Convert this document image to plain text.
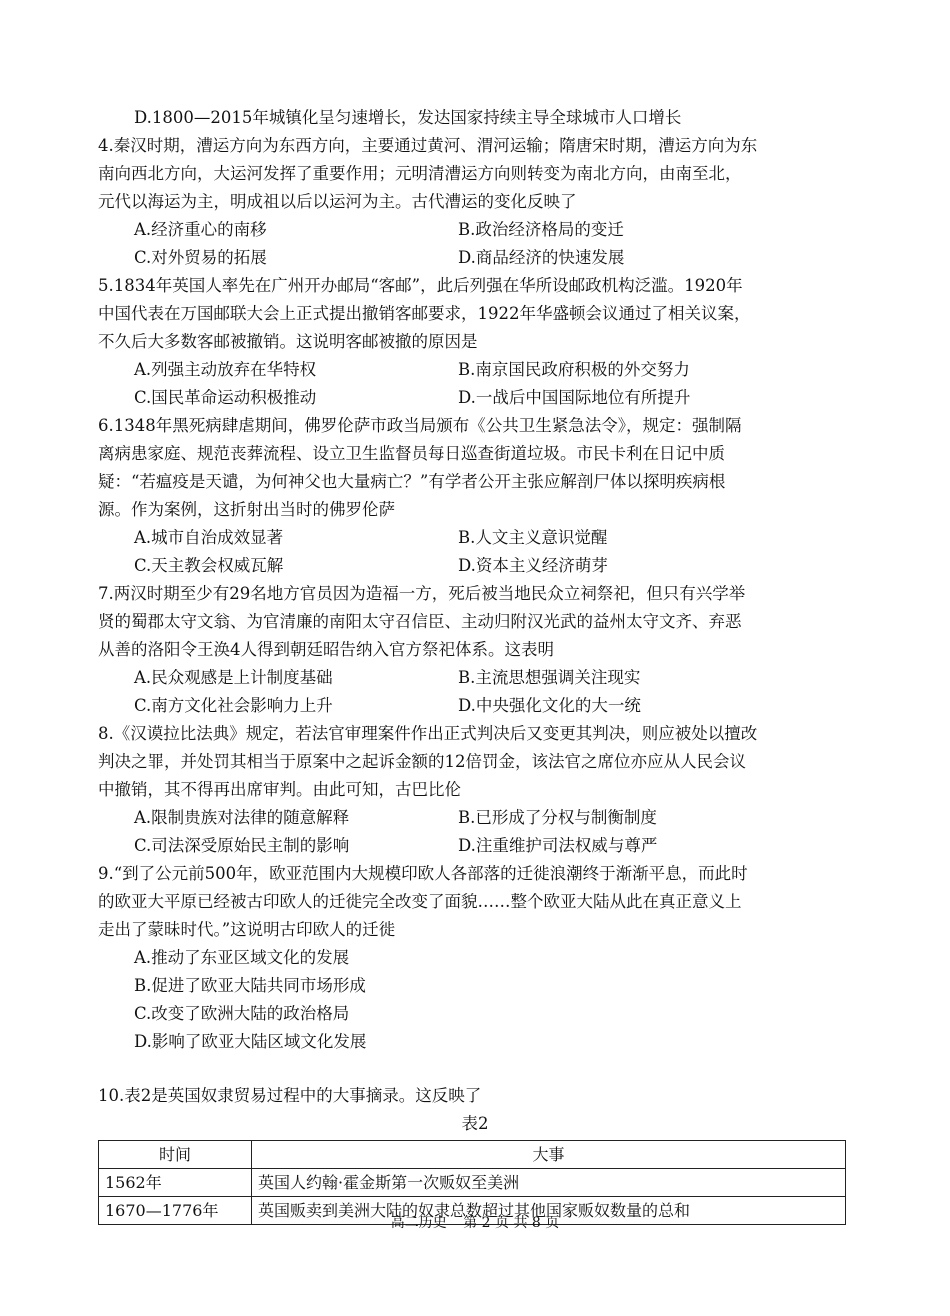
D.1800—2015年城镇化呈匀速增长，发达国家持续主导全球城市人口增长
4.秦汉时期，漕运方向为东西方向，主要通过黄河、渭河运输；隋唐宋时期，漕运方向为东
南向西北方向，大运河发挥了重要作用；元明清漕运方向则转变为南北方向，由南至北，
元代以海运为主，明成祖以后以运河为主。古代漕运的变化反映了
A.经济重心的南移	B.政治经济格局的变迁
C.对外贸易的拓展	D.商品经济的快速发展
5.1834年英国人率先在广州开办邮局“客邮”，此后列强在华所设邮政机构泛滥。1920年
中国代表在万国邮联大会上正式提出撤销客邮要求，1922年华盛顿会议通过了相关议案，
不久后大多数客邮被撤销。这说明客邮被撤的原因是
A.列强主动放弃在华特权	B.南京国民政府积极的外交努力
C.国民革命运动积极推动	D.一战后中国国际地位有所提升
6.1348年黑死病肆虐期间，佛罗伦萨市政当局颁布《公共卫生紧急法令》，规定：强制隔
离病患家庭、规范丧葬流程、设立卫生监督员每日巡查街道垃圾。市民卡利在日记中质
疑：“若瘟疫是天谴，为何神父也大量病亡？”有学者公开主张应解剖尸体以探明疾病根
源。作为案例，这折射出当时的佛罗伦萨
A.城市自治成效显著	B.人文主义意识觉醒
C.天主教会权威瓦解	D.资本主义经济萌芽
7.两汉时期至少有29名地方官员因为造福一方，死后被当地民众立祠祭祀，但只有兴学举
贤的蜀郡太守文翁、为官清廉的南阳太守召信臣、主动归附汉光武的益州太守文齐、弃恶
从善的洛阳令王涣4人得到朝廷昭告纳入官方祭祀体系。这表明
A.民众观感是上计制度基础	B.主流思想强调关注现实
C.南方文化社会影响力上升	D.中央强化文化的大一统
8.《汉谟拉比法典》规定，若法官审理案件作出正式判决后又变更其判决，则应被处以擅改
判决之罪，并处罚其相当于原案中之起诉金额的12倍罚金，该法官之席位亦应从人民会议
中撤销，其不得再出席审判。由此可知，古巴比伦
A.限制贵族对法律的随意解释	B.已形成了分权与制衡制度
C.司法深受原始民主制的影响	D.注重维护司法权威与尊严
9.“到了公元前500年，欧亚范围内大规模印欧人各部落的迁徙浪潮终于渐渐平息，而此时
的欧亚大平原已经被古印欧人的迁徙完全改变了面貌……整个欧亚大陆从此在真正意义上
走出了蒙昧时代。”这说明古印欧人的迁徙
A.推动了东亚区域文化的发展
B.促进了欧亚大陆共同市场形成
C.改变了欧洲大陆的政治格局
D.影响了欧亚大陆区域文化发展
10.表2是英国奴隶贸易过程中的大事摘录。这反映了
表2
时间	大事
1562年	英国人约翰·霍金斯第一次贩奴至美洲
1670—1776年	英国贩卖到美洲大陆的奴隶总数超过其他国家贩奴数量的总和
高二历史 第 2 页 共 8 页
